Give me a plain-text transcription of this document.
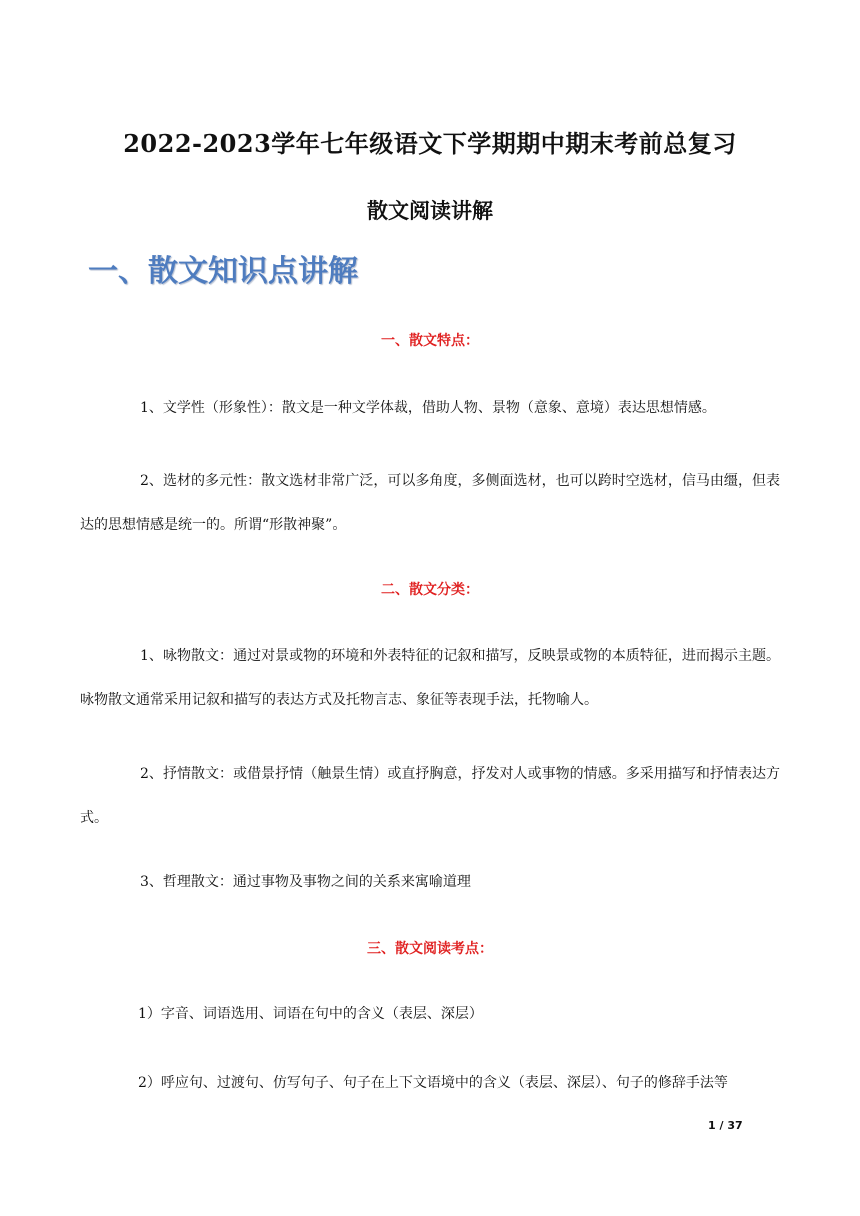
2022-2023学年七年级语文下学期期中期末考前总复习
散文阅读讲解
一、散文知识点讲解
一、散文特点：
1、文学性（形象性）：散文是一种文学体裁，借助人物、景物（意象、意境）表达思想情感。
2、选材的多元性：散文选材非常广泛，可以多角度，多侧面选材，也可以跨时空选材，信马由缰，但表达的思想情感是统一的。所谓“形散神聚”。
二、散文分类：
1、咏物散文：通过对景或物的环境和外表特征的记叙和描写，反映景或物的本质特征，进而揭示主题。咏物散文通常采用记叙和描写的表达方式及托物言志、象征等表现手法，托物喻人。
2、抒情散文：或借景抒情（触景生情）或直抒胸意，抒发对人或事物的情感。多采用描写和抒情表达方式。
3、哲理散文：通过事物及事物之间的关系来寓喻道理
三、散文阅读考点：
1）字音、词语选用、词语在句中的含义（表层、深层）
2）呼应句、过渡句、仿写句子、句子在上下文语境中的含义（表层、深层）、句子的修辞手法等
1 / 37
